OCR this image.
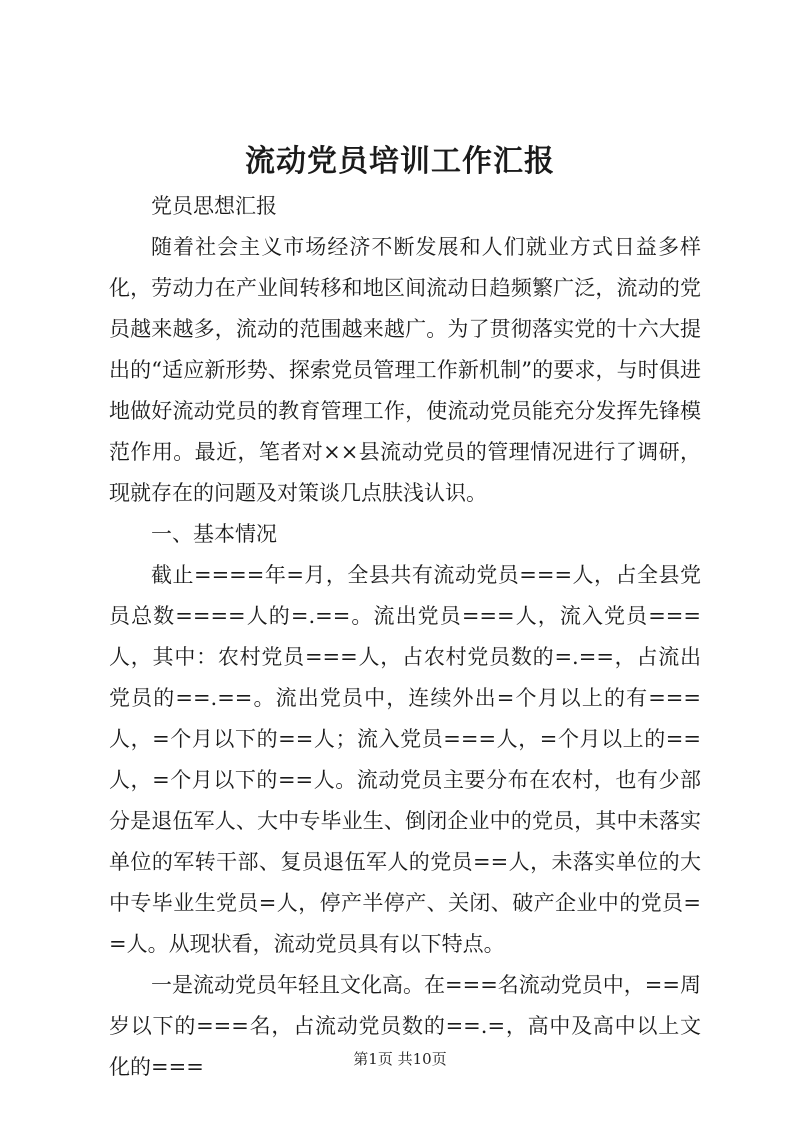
流动党员培训工作汇报

党员思想汇报

随着社会主义市场经济不断发展和人们就业方式日益多样化，劳动力在产业间转移和地区间流动日趋频繁广泛，流动的党员越来越多，流动的范围越来越广。为了贯彻落实党的十六大提出的“适应新形势、探索党员管理工作新机制”的要求，与时俱进地做好流动党员的教育管理工作，使流动党员能充分发挥先锋模范作用。最近，笔者对××县流动党员的管理情况进行了调研，现就存在的问题及对策谈几点肤浅认识。

一、基本情况

截止====年=月，全县共有流动党员===人，占全县党员总数====人的=.==。流出党员===人，流入党员===人，其中：农村党员===人，占农村党员数的=.==，占流出党员的==.==。流出党员中，连续外出=个月以上的有===人，=个月以下的==人；流入党员===人，=个月以上的==人，=个月以下的==人。流动党员主要分布在农村，也有少部分是退伍军人、大中专毕业生、倒闭企业中的党员，其中未落实单位的军转干部、复员退伍军人的党员==人，未落实单位的大中专毕业生党员=人，停产半停产、关闭、破产企业中的党员==人。从现状看，流动党员具有以下特点。

一是流动党员年轻且文化高。在===名流动党员中，==周岁以下的===名，占流动党员数的==.=，高中及高中以上文化的===	第1页 共10页
